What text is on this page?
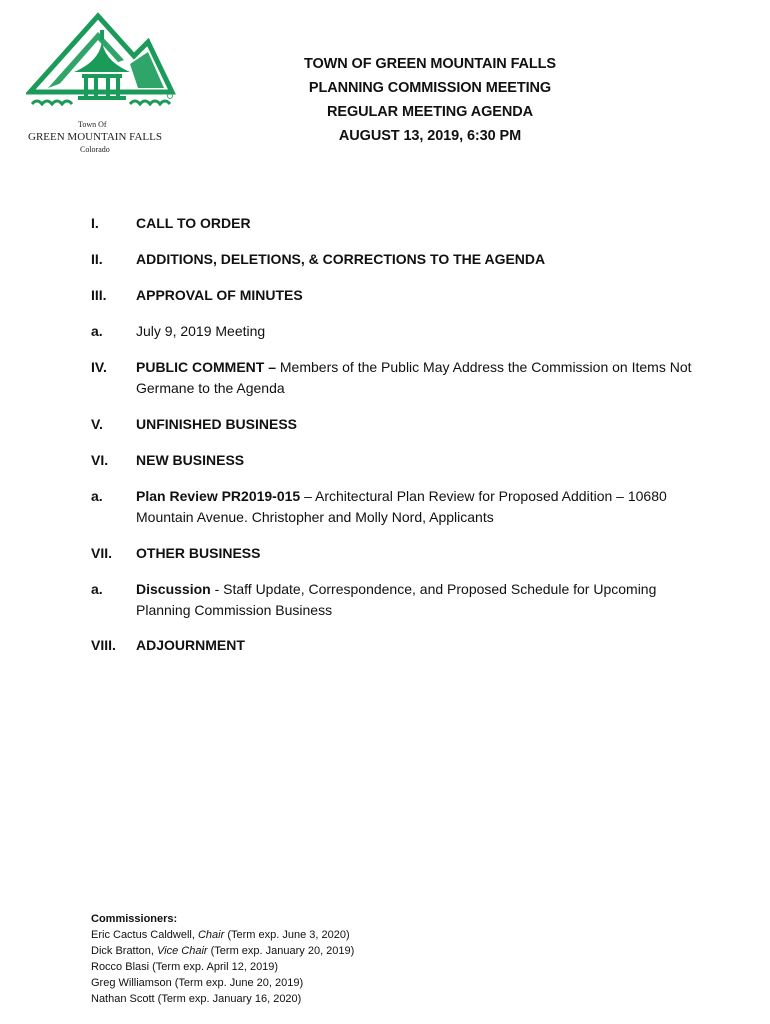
Town Of
GREEN MOUNTAIN FALLS
Colorado
TOWN OF GREEN MOUNTAIN FALLS
PLANNING COMMISSION MEETING
REGULAR MEETING AGENDA
AUGUST 13, 2019, 6:30 PM
I.	CALL TO ORDER
II. ADDITIONS, DELETIONS, & CORRECTIONS TO THE AGENDA
III. APPROVAL OF MINUTES
a. July 9, 2019 Meeting
IV. PUBLIC COMMENT – Members of the Public May Address the Commission on Items Not Germane to the Agenda
V. UNFINISHED BUSINESS
VI. NEW BUSINESS
a. Plan Review PR2019-015 – Architectural Plan Review for Proposed Addition – 10680 Mountain Avenue. Christopher and Molly Nord, Applicants
VII. OTHER BUSINESS
a. Discussion - Staff Update, Correspondence, and Proposed Schedule for Upcoming Planning Commission Business
VIII. ADJOURNMENT
Commissioners:
Eric Cactus Caldwell, Chair (Term exp. June 3, 2020)
Dick Bratton, Vice Chair (Term exp. January 20, 2019)
Rocco Blasi (Term exp. April 12, 2019)
Greg Williamson (Term exp. June 20, 2019)
Nathan Scott (Term exp. January 16, 2020)
